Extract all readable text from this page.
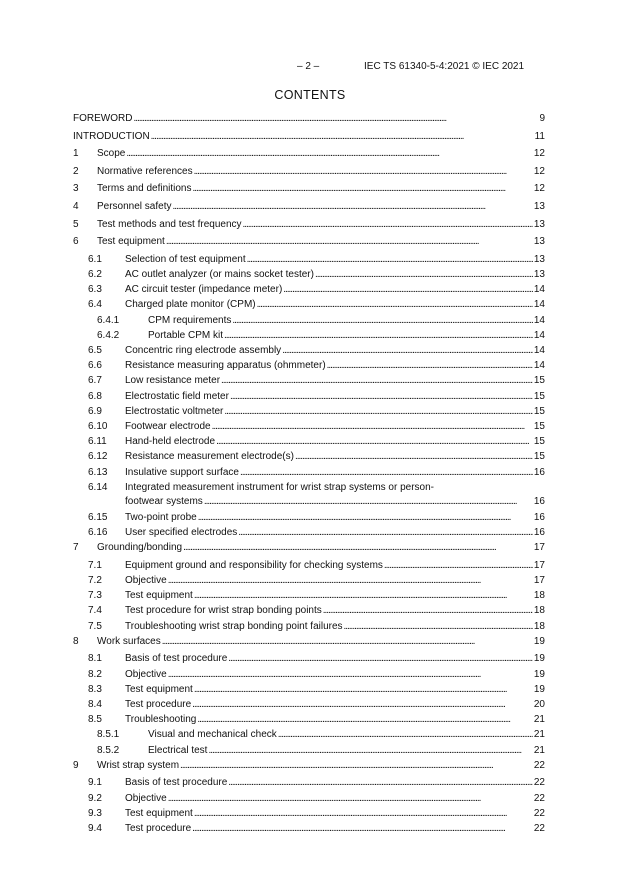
– 2 –	IEC TS 61340-5-4:2021 © IEC 2021
CONTENTS
FOREWORD . . .	9
INTRODUCTION . . .	11
1 Scope . . .	12
2 Normative references . . .	12
3 Terms and definitions . . .	12
4 Personnel safety . . .	13
5 Test methods and test frequency . . .	13
6 Test equipment . . .	13
6.1 Selection of test equipment . . .	13
6.2 AC outlet analyzer (or mains socket tester) . . .	13
6.3 AC circuit tester (impedance meter) . . .	14
6.4 Charged plate monitor (CPM) . . .	14
6.4.1	CPM requirements . . .	14
6.4.2	Portable CPM kit . . .	14
6.5 Concentric ring electrode assembly . . .	14
6.6 Resistance measuring apparatus (ohmmeter) . . .	14
6.7 Low resistance meter . . .	15
6.8 Electrostatic field meter . . .	15
6.9 Electrostatic voltmeter . . .	15
6.10 Footwear electrode . . .	15
6.11 Hand-held electrode . . .	15
6.12 Resistance measurement electrode(s) . . .	15
6.13 Insulative support surface . . .	16
6.14 Integrated measurement instrument for wrist strap systems or person-
footwear systems . . .	16
6.15 Two-point probe . . .	16
6.16 User specified electrodes . . .	16
7 Grounding/bonding . . .	17
7.1 Equipment ground and responsibility for checking systems . . .	17
7.2 Objective . . .	17
7.3 Test equipment . . .	18
7.4 Test procedure for wrist strap bonding points . . .	18
7.5 Troubleshooting wrist strap bonding point failures . . .	18
8 Work surfaces . . .	19
8.1 Basis of test procedure . . .	19
8.2 Objective . . .	19
8.3 Test equipment . . .	19
8.4 Test procedure . . .	20
8.5 Troubleshooting . . .	21
8.5.1	Visual and mechanical check . . .	21
8.5.2	Electrical test . . .	21
9 Wrist strap system . . .	22
9.1 Basis of test procedure . . .	22
9.2 Objective . . .	22
9.3 Test equipment . . .	22
9.4 Test procedure . . .	22
